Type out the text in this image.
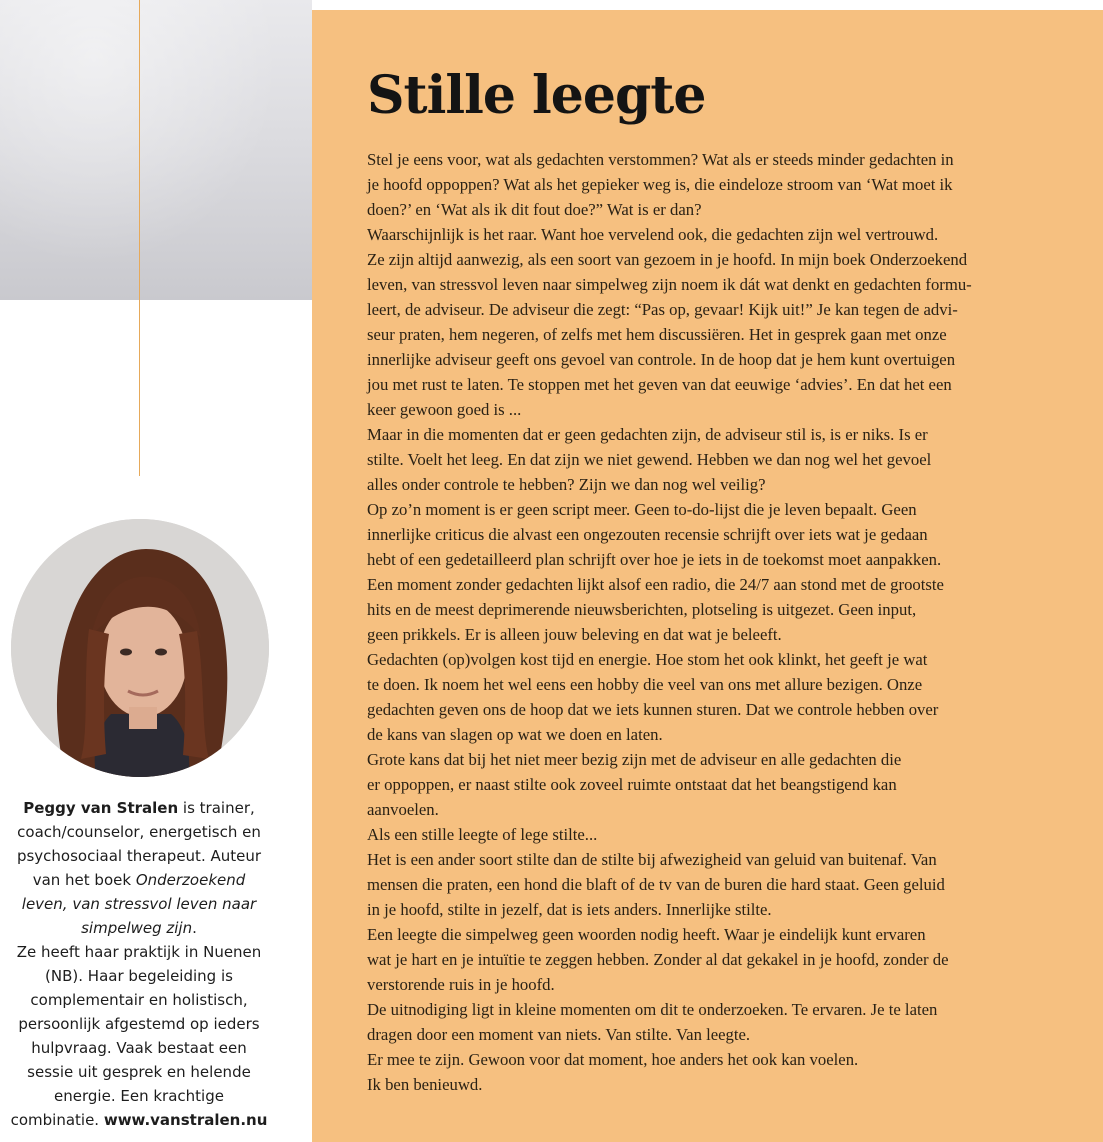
Peggy van Stralen is trainer, coach/counselor, energetisch en psychosociaal therapeut. Auteur van het boek Onderzoekend leven, van stressvol leven naar simpelweg zijn.
Ze heeft haar praktijk in Nuenen (NB). Haar begeleiding is complementair en holistisch, persoonlijk afgestemd op ieders hulpvraag. Vaak bestaat een sessie uit gesprek en helende energie. Een krachtige combinatie. www.vanstralen.nu
Stille leegte
Stel je eens voor, wat als gedachten verstommen? Wat als er steeds minder gedachten in
je hoofd oppoppen? Wat als het gepieker weg is, die eindeloze stroom van ‘Wat moet ik
doen?’ en ‘Wat als ik dit fout doe?” Wat is er dan?
Waarschijnlijk is het raar. Want hoe vervelend ook, die gedachten zijn wel vertrouwd.
Ze zijn altijd aanwezig, als een soort van gezoem in je hoofd. In mijn boek Onderzoekend
leven, van stressvol leven naar simpelweg zijn noem ik dát wat denkt en gedachten formu-
leert, de adviseur. De adviseur die zegt: “Pas op, gevaar! Kijk uit!” Je kan tegen de advi-
seur praten, hem negeren, of zelfs met hem discussiëren. Het in gesprek gaan met onze
innerlijke adviseur geeft ons gevoel van controle. In de hoop dat je hem kunt overtuigen
jou met rust te laten. Te stoppen met het geven van dat eeuwige ‘advies’. En dat het een
keer gewoon goed is ...
Maar in die momenten dat er geen gedachten zijn, de adviseur stil is, is er niks. Is er
stilte. Voelt het leeg. En dat zijn we niet gewend. Hebben we dan nog wel het gevoel
alles onder controle te hebben? Zijn we dan nog wel veilig?
Op zo’n moment is er geen script meer. Geen to-do-lijst die je leven bepaalt. Geen
innerlijke criticus die alvast een ongezouten recensie schrijft over iets wat je gedaan
hebt of een gedetailleerd plan schrijft over hoe je iets in de toekomst moet aanpakken.
Een moment zonder gedachten lijkt alsof een radio, die 24/7 aan stond met de grootste
hits en de meest deprimerende nieuwsberichten, plotseling is uitgezet. Geen input,
geen prikkels. Er is alleen jouw beleving en dat wat je beleeft.
Gedachten (op)volgen kost tijd en energie. Hoe stom het ook klinkt, het geeft je wat
te doen. Ik noem het wel eens een hobby die veel van ons met allure bezigen. Onze
gedachten geven ons de hoop dat we iets kunnen sturen. Dat we controle hebben over
de kans van slagen op wat we doen en laten.
Grote kans dat bij het niet meer bezig zijn met de adviseur en alle gedachten die
er oppoppen, er naast stilte ook zoveel ruimte ontstaat dat het beangstigend kan
aanvoelen.
Als een stille leegte of lege stilte...
Het is een ander soort stilte dan de stilte bij afwezigheid van geluid van buitenaf. Van
mensen die praten, een hond die blaft of de tv van de buren die hard staat. Geen geluid
in je hoofd, stilte in jezelf, dat is iets anders. Innerlijke stilte.
Een leegte die simpelweg geen woorden nodig heeft. Waar je eindelijk kunt ervaren
wat je hart en je intuïtie te zeggen hebben. Zonder al dat gekakel in je hoofd, zonder de
verstorende ruis in je hoofd.
De uitnodiging ligt in kleine momenten om dit te onderzoeken. Te ervaren. Je te laten
dragen door een moment van niets. Van stilte. Van leegte.
Er mee te zijn. Gewoon voor dat moment, hoe anders het ook kan voelen.
Ik ben benieuwd.
